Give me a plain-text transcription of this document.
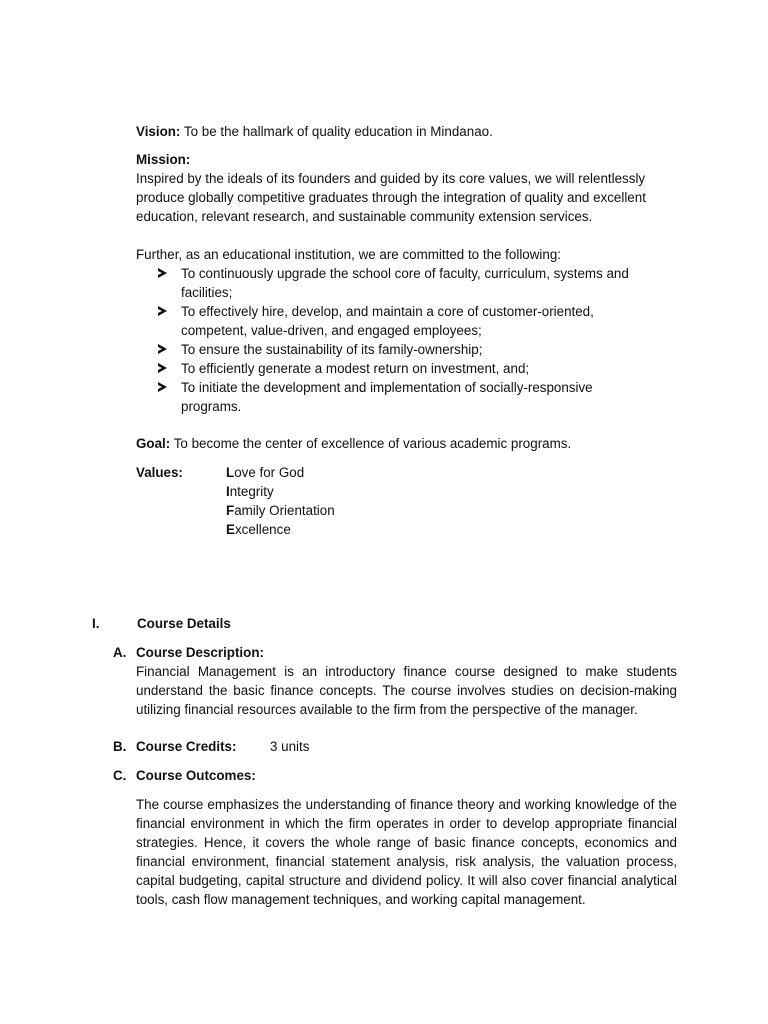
Vision: To be the hallmark of quality education in Mindanao.
Mission:

Inspired by the ideals of its founders and guided by its core values, we will relentlessly produce globally competitive graduates through the integration of quality and excellent education, relevant research, and sustainable community extension services.

Further, as an educational institution, we are committed to the following:

To continuously upgrade the school core of faculty, curriculum, systems and facilities;
To effectively hire, develop, and maintain a core of customer-oriented, competent, value-driven, and engaged employees;
To ensure the sustainability of its family-ownership;
To efficiently generate a modest return on investment, and;
To initiate the development and implementation of socially-responsive programs.
Goal: To become the center of excellence of various academic programs.
Values:	Love for God
Integrity
Family Orientation
Excellence
I.	Course Details
A. Course Description:

Financial Management is an introductory finance course designed to make students understand the basic finance concepts. The course involves studies on decision-making utilizing financial resources available to the firm from the perspective of the manager.

B. Course Credits:	3 units
C. Course Outcomes:

The course emphasizes the understanding of finance theory and working knowledge of the financial environment in which the firm operates in order to develop appropriate financial strategies. Hence, it covers the whole range of basic finance concepts, economics and financial environment, financial statement analysis, risk analysis, the valuation process, capital budgeting, capital structure and dividend policy. It will also cover financial analytical tools, cash flow management techniques, and working capital management.
